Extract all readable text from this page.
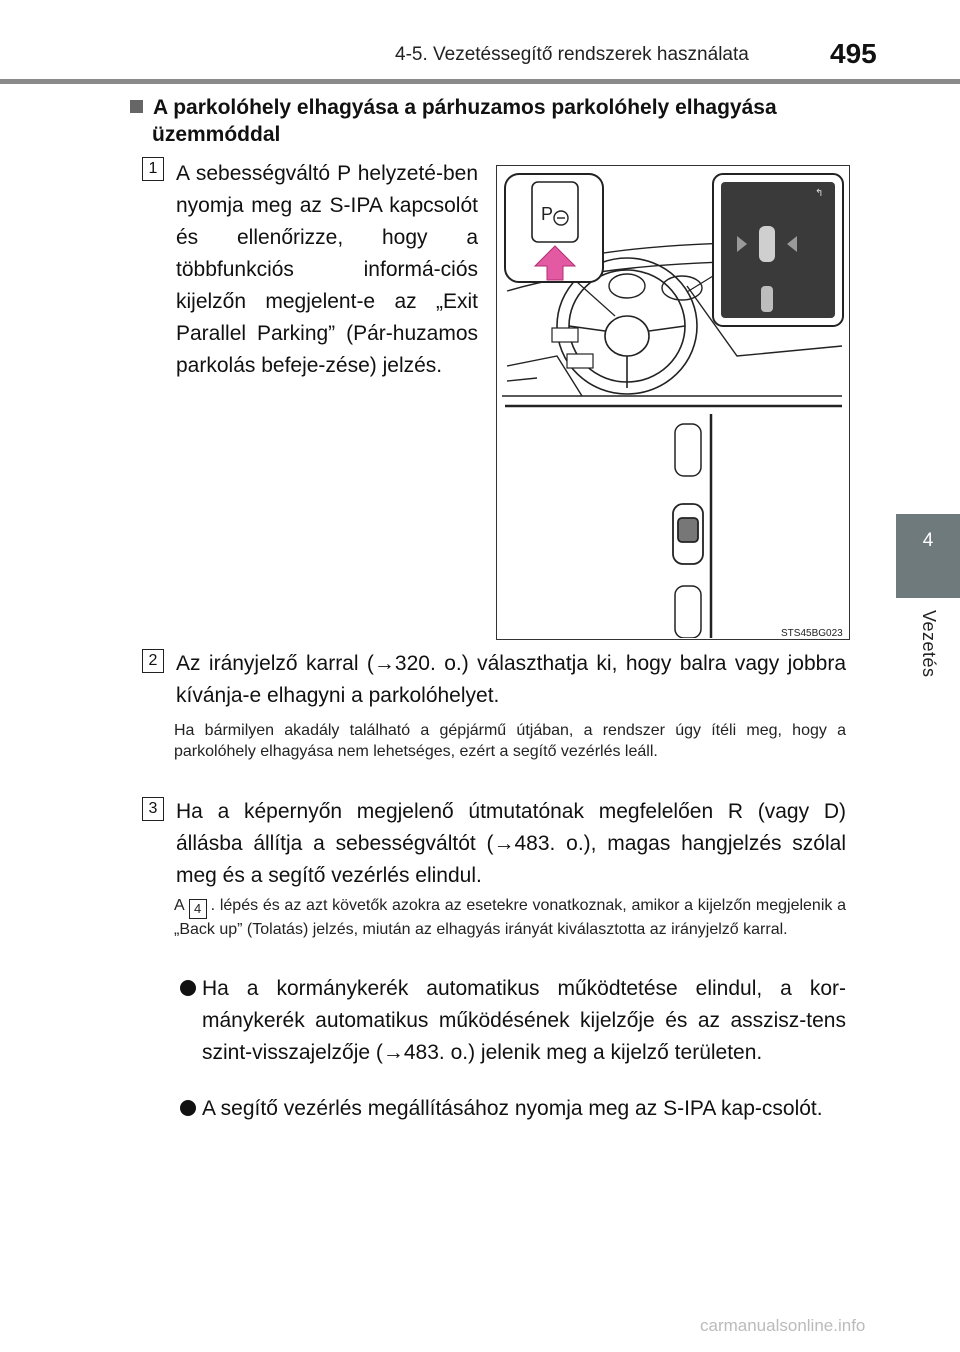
4-5. Vezetéssegítő rendszerek használata	495
4
Vezetés
A parkolóhely elhagyása a párhuzamos parkolóhely elhagyása
üzemmóddal
1 A sebességváltó P helyzeté-ben nyomja meg az S-IPA kapcsolót és ellenőrizze, hogy a többfunkciós informá-ciós kijelzőn megjelent-e az „Exit Parallel Parking” (Pár-huzamos parkolás befeje-zése) jelzés.
P
↰
STS45BG023
2 Az irányjelző karral (→320. o.) választhatja ki, hogy balra vagy jobbra kívánja-e elhagyni a parkolóhelyet.
Ha bármilyen akadály található a gépjármű útjában, a rendszer úgy ítéli meg, hogy a parkolóhely elhagyása nem lehetséges, ezért a segítő vezérlés leáll.
3 Ha a képernyőn megjelenő útmutatónak megfelelően R (vagy D) állásba állítja a sebességváltót (→483. o.), magas hangjelzés szólal meg és a segítő vezérlés elindul.
A 4 . lépés és az azt követők azokra az esetekre vonatkoznak, amikor a kijelzőn megjelenik a „Back up” (Tolatás) jelzés, miután az elhagyás irányát kiválasztotta az irányjelző karral.
Ha a kormánykerék automatikus működtetése elindul, a kor-mánykerék automatikus működésének kijelzője és az asszisz-tens szint-visszajelzője (→483. o.) jelenik meg a kijelző területen.
A segítő vezérlés megállításához nyomja meg az S-IPA kap-csolót.
carmanualsonline.info
